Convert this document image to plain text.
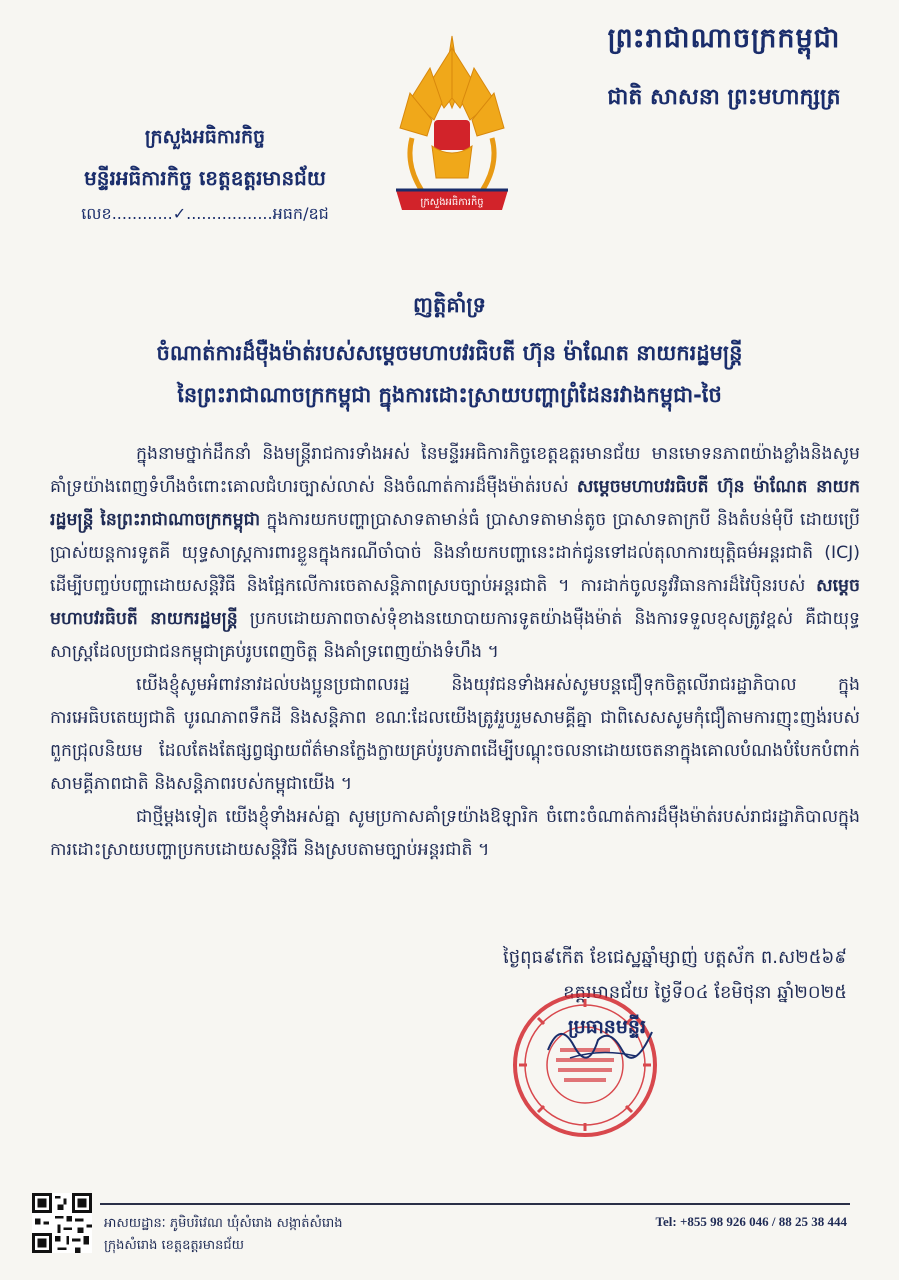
ព្រះរាជាណាចក្រកម្ពុជា
ជាតិ សាសនា ព្រះមហាក្សត្រ
ក្រសួងអធិការកិច្ច
ក្រសួងអធិការកិច្ច
មន្ទីរអធិការកិច្ច ខេត្តឧត្តរមានជ័យ
លេខ............✓.................អធក/ឧជ
ញត្តិគាំទ្រ
ចំណាត់ការដ៏ម៉ឺងម៉ាត់របស់សម្ដេចមហាបវរធិបតី ហ៊ុន ម៉ាណែត នាយករដ្ឋមន្ត្រី
នៃព្រះរាជាណាចក្រកម្ពុជា ក្នុងការដោះស្រាយបញ្ហាព្រំដែនរវាងកម្ពុជា-ថៃ

ក្នុងនាមថ្នាក់ដឹកនាំ និងមន្ត្រីរាជការទាំងអស់ នៃមន្ទីរអធិការកិច្ចខេត្តឧត្តរមានជ័យ មានមោទនភាពយ៉ាងខ្លាំងនិងសូមគាំទ្រយ៉ាងពេញទំហឹងចំពោះគោលជំហរច្បាស់លាស់ និងចំណាត់ការដ៏ម៉ឺងម៉ាត់របស់ សម្ដេចមហាបវរធិបតី ហ៊ុន ម៉ាណែត នាយករដ្ឋមន្ត្រី នៃព្រះរាជាណាចក្រកម្ពុជា ក្នុងការយកបញ្ហាប្រាសាទតាមាន់ធំ ប្រាសាទតាមាន់តូច ប្រាសាទតាក្របី និងតំបន់មុំបី ដោយប្រើប្រាស់យន្តការទូតគី យុទ្ធសាស្ត្រការពារខ្លួនក្នុងករណីចាំបាច់ និងនាំយកបញ្ហានេះដាក់ជូនទៅដល់តុលាការយុត្តិធម៌អន្តរជាតិ (ICJ) ដើម្បីបញ្ចប់បញ្ហាដោយសន្តិវិធី និងផ្អែកលើការចេតាសន្តិភាពស្របច្បាប់អន្តរជាតិ ។ ការដាក់ចូលនូវវិធានការដ៏វៃប៉ិនរបស់ សម្ដេចមហាបវរធិបតី នាយករដ្ឋមន្ត្រី ប្រកបដោយភាពចាស់ទុំខាងនយោបាយការទូតយ៉ាងម៉ឺងម៉ាត់ និងការទទួលខុសត្រូវខ្ពស់ គឺជាយុទ្ធសាស្ត្រដែលប្រជាជនកម្ពុជាគ្រប់រូបពេញចិត្ត និងគាំទ្រពេញយ៉ាងទំហឹង ។

យើងខ្ញុំសូមអំពាវនាវដល់បងប្អូនប្រជាពលរដ្ឋ និងយុវជនទាំងអស់សូមបន្តជឿទុកចិត្តលើរាជរដ្ឋាភិបាល ក្នុងការអេធិបតេយ្យជាតិ បូរណភាពទឹកដី និងសន្តិភាព ខណៈដែលយើងត្រូវរួបរួមសាមគ្គីគ្នា ជាពិសេសសូមកុំជឿតាមការញុះញង់របស់ពួកជ្រុលនិយម ដែលតែងតែផ្សព្វផ្សាយព័ត៌មានក្លែងក្លាយគ្រប់រូបភាពដើម្បីបណ្ដុះចលនាដោយចេតនាក្នុងគោលបំណងបំបែកបំពាក់សាមគ្គីភាពជាតិ និងសន្តិភាពរបស់កម្ពុជាយើង ។

ជាថ្មីម្ដងទៀត យើងខ្ញុំទាំងអស់គ្នា សូមប្រកាសគាំទ្រយ៉ាងឱឡារិក ចំពោះចំណាត់ការដ៏ម៉ឺងម៉ាត់របស់រាជរដ្ឋាភិបាលក្នុងការដោះស្រាយបញ្ហាប្រកបដោយសន្តិវិធី និងស្របតាមច្បាប់អន្តរជាតិ ។

ថ្ងៃពុធ៩កើត ខែជេស្ឋឆ្នាំម្សាញ់ បត្តស័ក ព.ស២៥៦៩
ឧត្តរមានជ័យ ថ្ងៃទី០៤ ខែមិថុនា ឆ្នាំ២០២៥
ប្រធានមន្ទីរ
អាសយដ្ឋានៈ ភូមិបរិវេណ ឃុំសំរោង សង្កាត់សំរោង
ក្រុងសំរោង ខេត្តឧត្តរមានជ័យ
Tel: +855 98 926 046 / 88 25 38 444
